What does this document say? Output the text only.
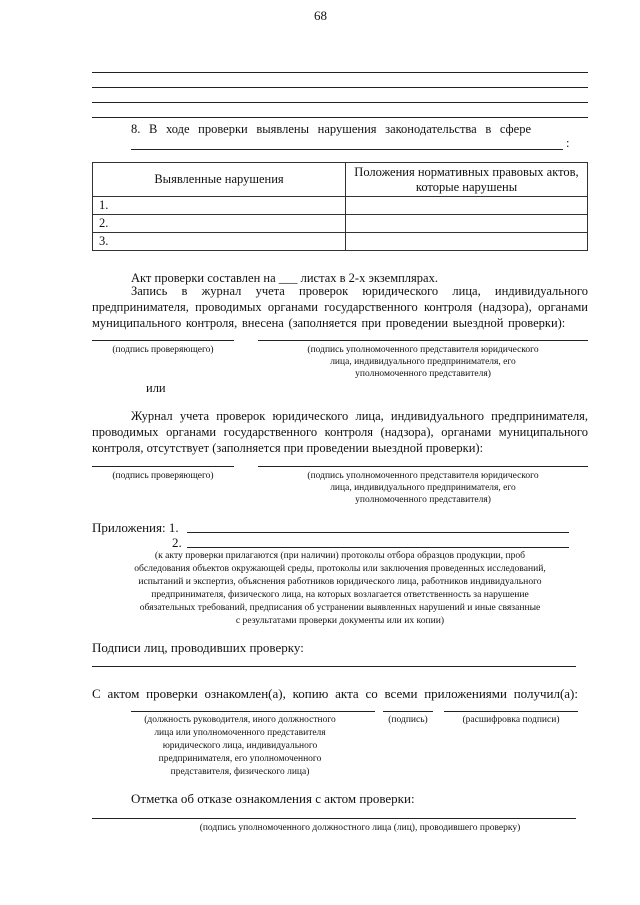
68
8. В ходе проверки выявлены нарушения законодательства в сфере
:
Выявленные нарушения	Положения нормативных правовых актов, которые нарушены
1.	
2.	
3.	
Акт проверки составлен на ___ листах в 2-х экземплярах.
Запись в журнал учета проверок юридического лица, индивидуального
предпринимателя, проводимых органами государственного контроля (надзора), органами
муниципального контроля, внесена (заполняется при проведении выездной проверки):
(подпись проверяющего)	(подпись уполномоченного представителя юридического
лица, индивидуального предпринимателя, его
уполномоченного представителя)
или
Журнал учета проверок юридического лица, индивидуального предпринимателя,
проводимых органами государственного контроля (надзора), органами муниципального
контроля, отсутствует (заполняется при проведении выездной проверки):
(подпись проверяющего)	(подпись уполномоченного представителя юридического
лица, индивидуального предпринимателя, его
уполномоченного представителя)
Приложения: 1.
2.
(к акту проверки прилагаются (при наличии) протоколы отбора образцов продукции, проб
обследования объектов окружающей среды, протоколы или заключения проведенных исследований,
испытаний и экспертиз, объяснения работников юридического лица, работников индивидуального
предпринимателя, физического лица, на которых возлагается ответственность за нарушение
обязательных требований, предписания об устранении выявленных нарушений и иные связанные
с результатами проверки документы или их копии)
Подписи лиц, проводивших проверку:
С актом проверки ознакомлен(а), копию акта со всеми приложениями получил(а):
(должность руководителя, иного должностного
лица или уполномоченного представителя
юридического лица, индивидуального
предпринимателя, его уполномоченного
представителя, физического лица)
(подпись)	(расшифровка подписи)
Отметка об отказе ознакомления с актом проверки:
(подпись уполномоченного должностного лица (лиц), проводившего проверку)
